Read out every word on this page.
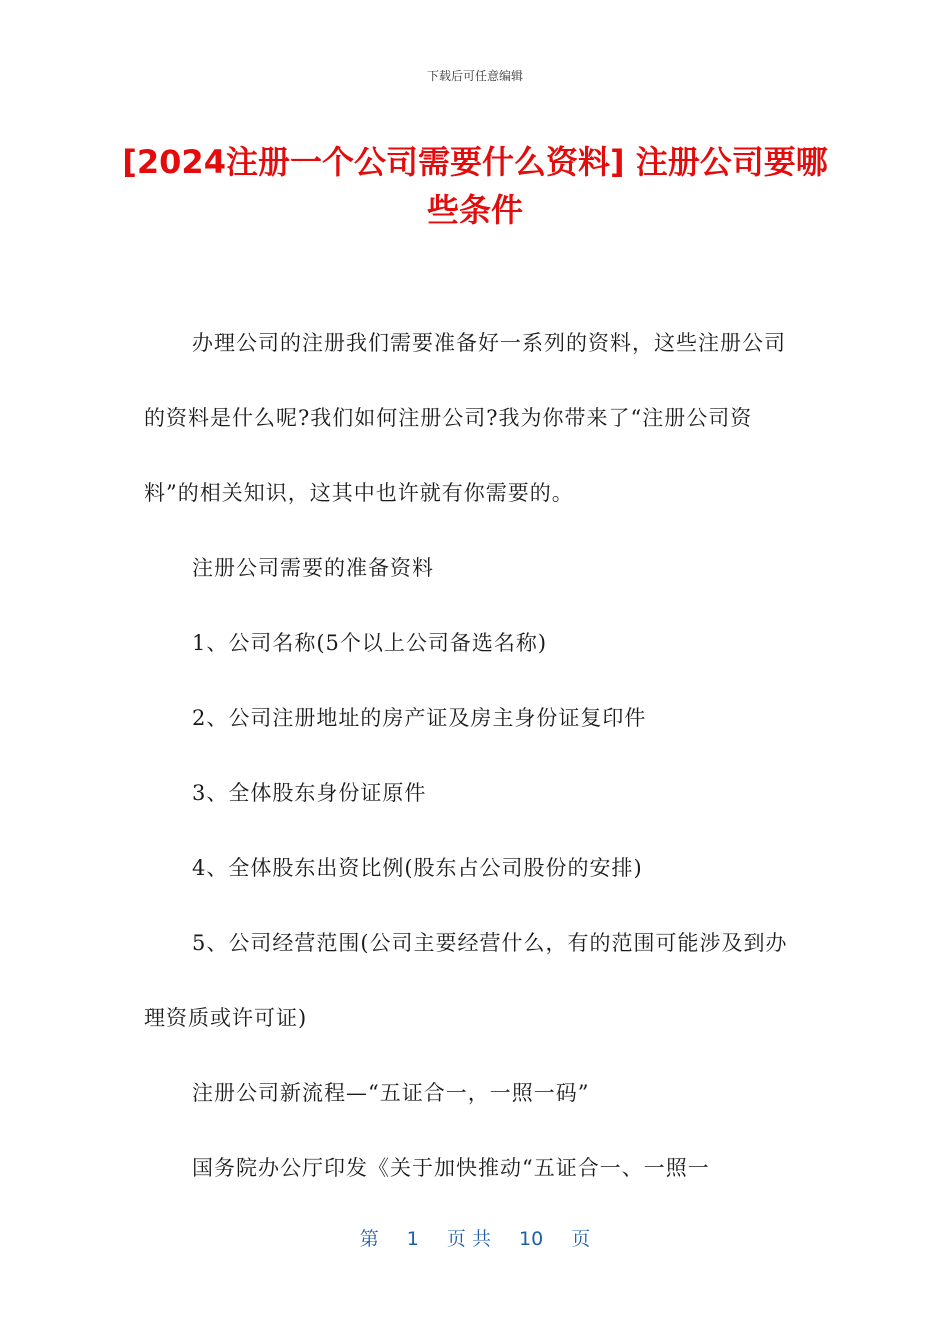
下载后可任意编辑
[2024注册一个公司需要什么资料] 注册公司要哪些条件

办理公司的注册我们需要准备好一系列的资料，这些注册公司的资料是什么呢?我们如何注册公司?我为你带来了“注册公司资料”的相关知识，这其中也许就有你需要的。

注册公司需要的准备资料

1、公司名称(5个以上公司备选名称)

2、公司注册地址的房产证及房主身份证复印件

3、全体股东身份证原件

4、全体股东出资比例(股东占公司股份的安排)

5、公司经营范围(公司主要经营什么，有的范围可能涉及到办理资质或许可证)

注册公司新流程—“五证合一，一照一码”

国务院办公厅印发《关于加快推动“五证合一、一照一

第 1 页 共 10 页
